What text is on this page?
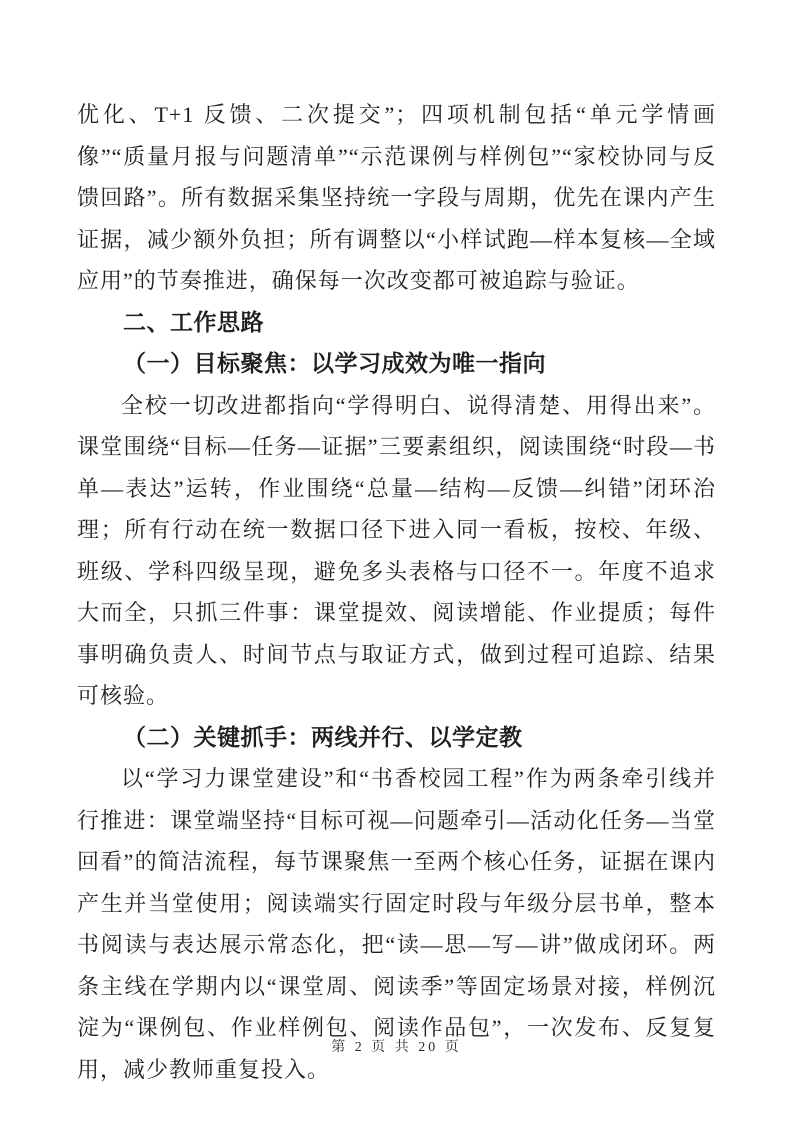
优化、T+1 反馈、二次提交”；四项机制包括“单元学情画像”“质量月报与问题清单”“示范课例与样例包”“家校协同与反馈回路”。所有数据采集坚持统一字段与周期，优先在课内产生证据，减少额外负担；所有调整以“小样试跑—样本复核—全域应用”的节奏推进，确保每一次改变都可被追踪与验证。

二、工作思路
（一）目标聚焦：以学习成效为唯一指向

全校一切改进都指向“学得明白、说得清楚、用得出来”。课堂围绕“目标—任务—证据”三要素组织，阅读围绕“时段—书单—表达”运转，作业围绕“总量—结构—反馈—纠错”闭环治理；所有行动在统一数据口径下进入同一看板，按校、年级、班级、学科四级呈现，避免多头表格与口径不一。年度不追求大而全，只抓三件事：课堂提效、阅读增能、作业提质；每件事明确负责人、时间节点与取证方式，做到过程可追踪、结果可核验。

（二）关键抓手：两线并行、以学定教

以“学习力课堂建设”和“书香校园工程”作为两条牵引线并行推进：课堂端坚持“目标可视—问题牵引—活动化任务—当堂回看”的简洁流程，每节课聚焦一至两个核心任务，证据在课内产生并当堂使用；阅读端实行固定时段与年级分层书单，整本书阅读与表达展示常态化，把“读—思—写—讲”做成闭环。两条主线在学期内以“课堂周、阅读季”等固定场景对接，样例沉淀为“课例包、作业样例包、阅读作品包”，一次发布、反复复用，减少教师重复投入。

第 2 页 共 20 页
